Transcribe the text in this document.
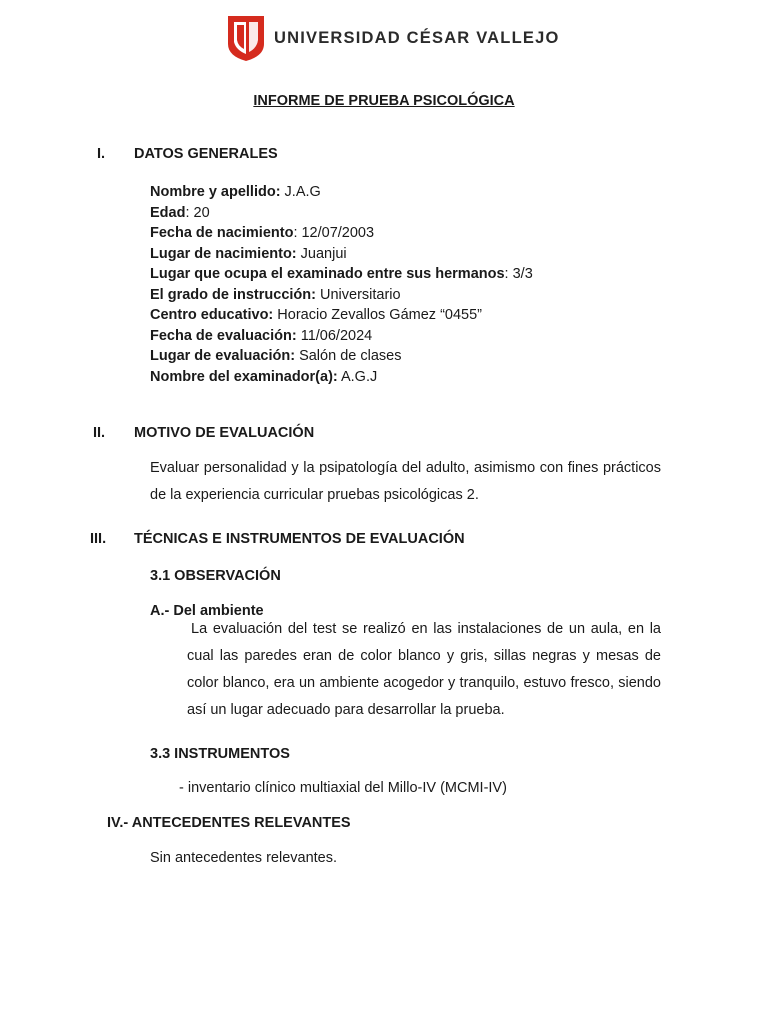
UNIVERSIDAD CÉSAR VALLEJO
INFORME DE PRUEBA PSICOLÓGICA
I. DATOS GENERALES
Nombre y apellido: J.A.G
Edad: 20
Fecha de nacimiento: 12/07/2003
Lugar de nacimiento: Juanjui
Lugar que ocupa el examinado entre sus hermanos: 3/3
El grado de instrucción: Universitario
Centro educativo: Horacio Zevallos Gámez “0455”
Fecha de evaluación: 11/06/2024
Lugar de evaluación: Salón de clases
Nombre del examinador(a): A.G.J
II. MOTIVO DE EVALUACIÓN
Evaluar personalidad y la psipatología del adulto, asimismo con fines prácticos de la experiencia curricular pruebas psicológicas 2.
III. TÉCNICAS E INSTRUMENTOS DE EVALUACIÓN
3.1 OBSERVACIÓN
A.- Del ambiente
La evaluación del test se realizó en las instalaciones de un aula, en la cual las paredes eran de color blanco y gris, sillas negras y mesas de color blanco, era un ambiente acogedor y tranquilo, estuvo fresco, siendo así un lugar adecuado para desarrollar la prueba.
3.3 INSTRUMENTOS
- inventario clínico multiaxial del Millo-IV (MCMI-IV)
IV.- ANTECEDENTES RELEVANTES
Sin antecedentes relevantes.
